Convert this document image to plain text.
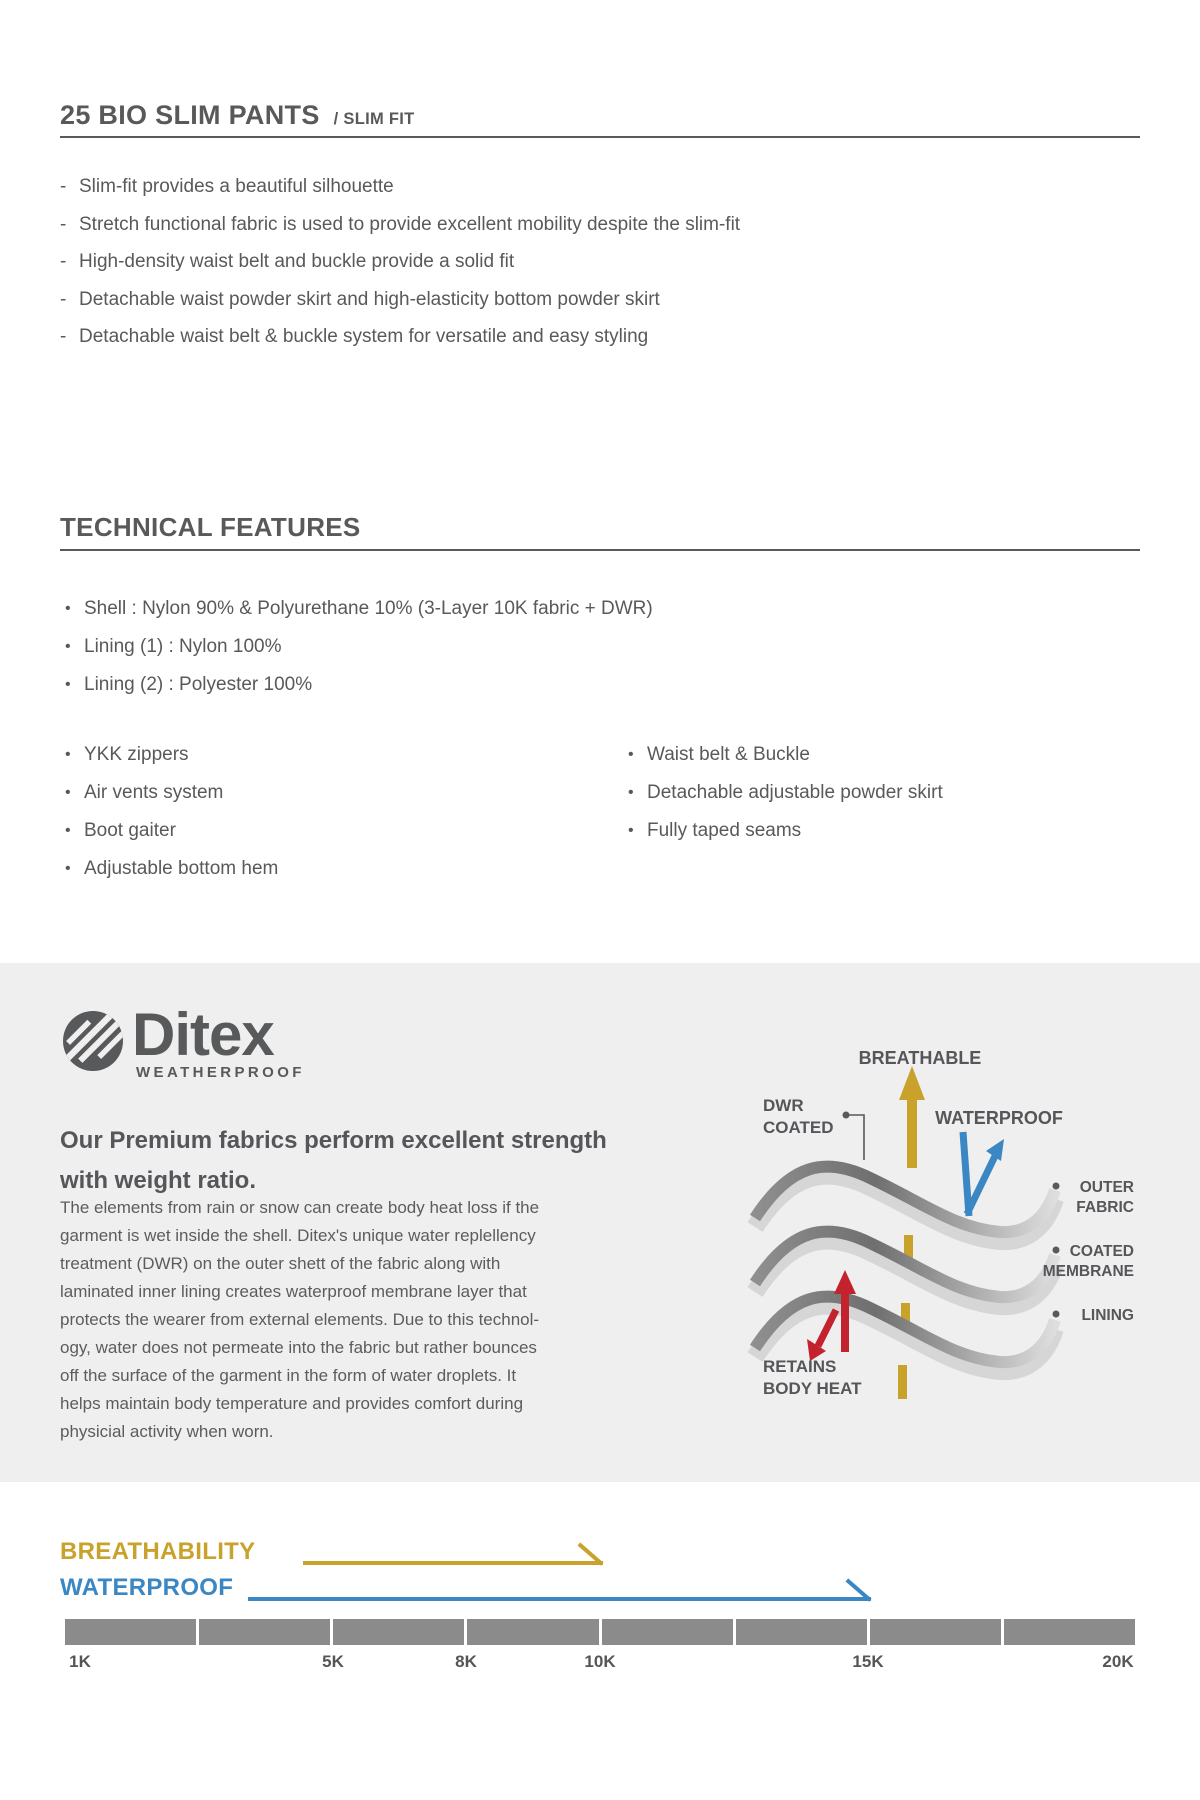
25 BIO SLIM PANTS / SLIM FIT
- Slim-fit provides a beautiful silhouette
- Stretch functional fabric is used to provide excellent mobility despite the slim-fit
- High-density waist belt and buckle provide a solid fit
- Detachable waist powder skirt and high-elasticity bottom powder skirt
- Detachable waist belt & buckle system for versatile and easy styling
TECHNICAL FEATURES
• Shell : Nylon 90% & Polyurethane 10% (3-Layer 10K fabric + DWR)
• Lining (1) : Nylon 100%
• Lining (2) : Polyester 100%
• YKK zippers
• Air vents system
• Boot gaiter
• Adjustable bottom hem
• Waist belt & Buckle
• Detachable adjustable powder skirt
• Fully taped seams
Ditex
WEATHERPROOF
Our Premium fabrics perform excellent strength
with weight ratio.
The elements from rain or snow can create body heat loss if the
garment is wet inside the shell. Ditex's unique water replellency
treatment (DWR) on the outer shett of the fabric along with
laminated inner lining creates waterproof membrane layer that
protects the wearer from external elements. Due to this technol-
ogy, water does not permeate into the fabric but rather bounces
off the surface of the garment in the form of water droplets. It
helps maintain body temperature and provides comfort during
physicial activity when worn.
BREATHABLE
WATERPROOF
DWR
COATED
OUTER
FABRIC
COATED
MEMBRANE
LINING
RETAINS
BODY HEAT
BREATHABILITY
WATERPROOF
1K	5K	8K	10K	15K	20K
